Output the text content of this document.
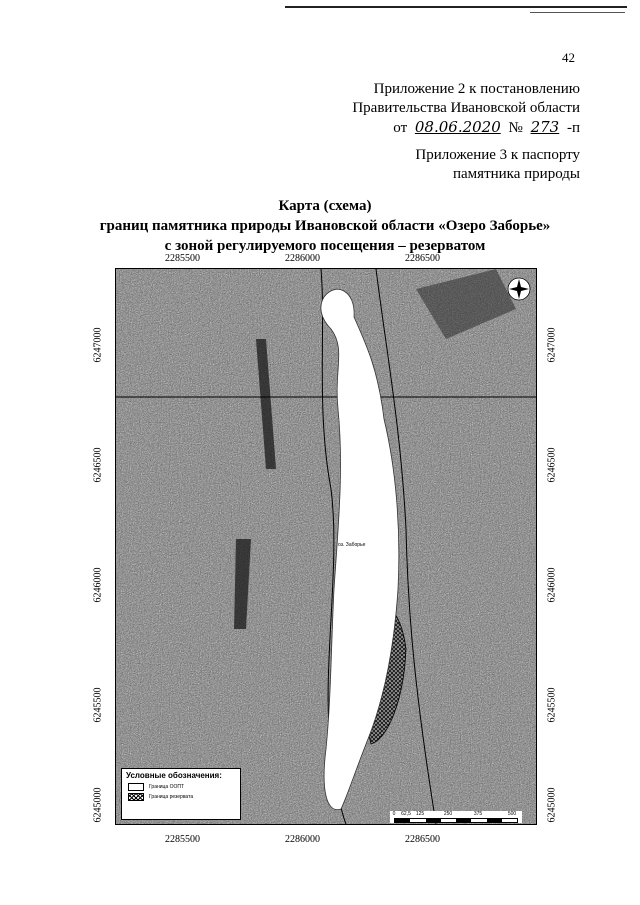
42
Приложение 2 к постановлению
Правительства Ивановской области
от 08.06.2020 № 273 -п
Приложение 3 к паспорту
памятника природы
Карта (схема)
границ памятника природы Ивановской области «Озеро Заборье»
с зоной регулируемого посещения – резерватом
2285500	2286000	2286500
2285500	2286000	2286500
6247000
6246500
6246000
6245500
6245000
6247000
6246500
6246000
6245500
6245000
оз. Заборье
Условные обозначения:
Граница ООПТ
Граница резервата
0 62,5 125	250	375	500
